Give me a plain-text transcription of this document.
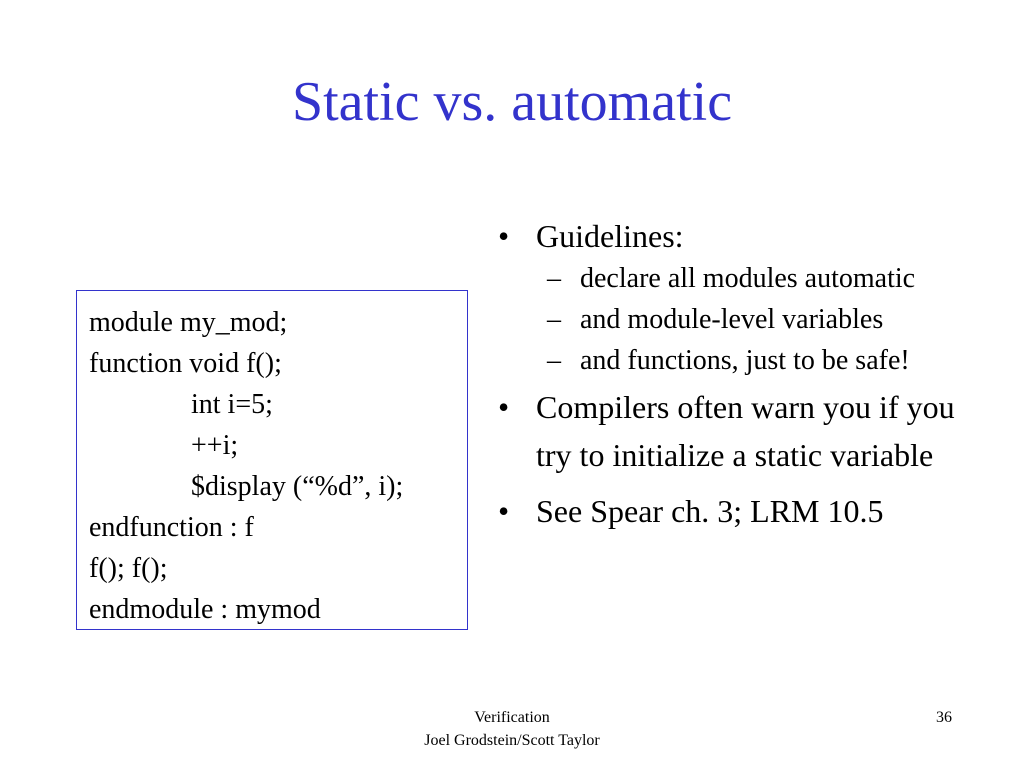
Static vs. automatic
module my_mod;
function void f();
int i=5;
++i;
$display (“%d”, i);
endfunction : f
f(); f();
endmodule : mymod
• Guidelines:
– declare all modules automatic
– and module-level variables
– and functions, just to be safe!
• Compilers often warn you if you try to initialize a static variable
• See Spear ch. 3; LRM 10.5
Verification
Joel Grodstein/Scott Taylor
36
